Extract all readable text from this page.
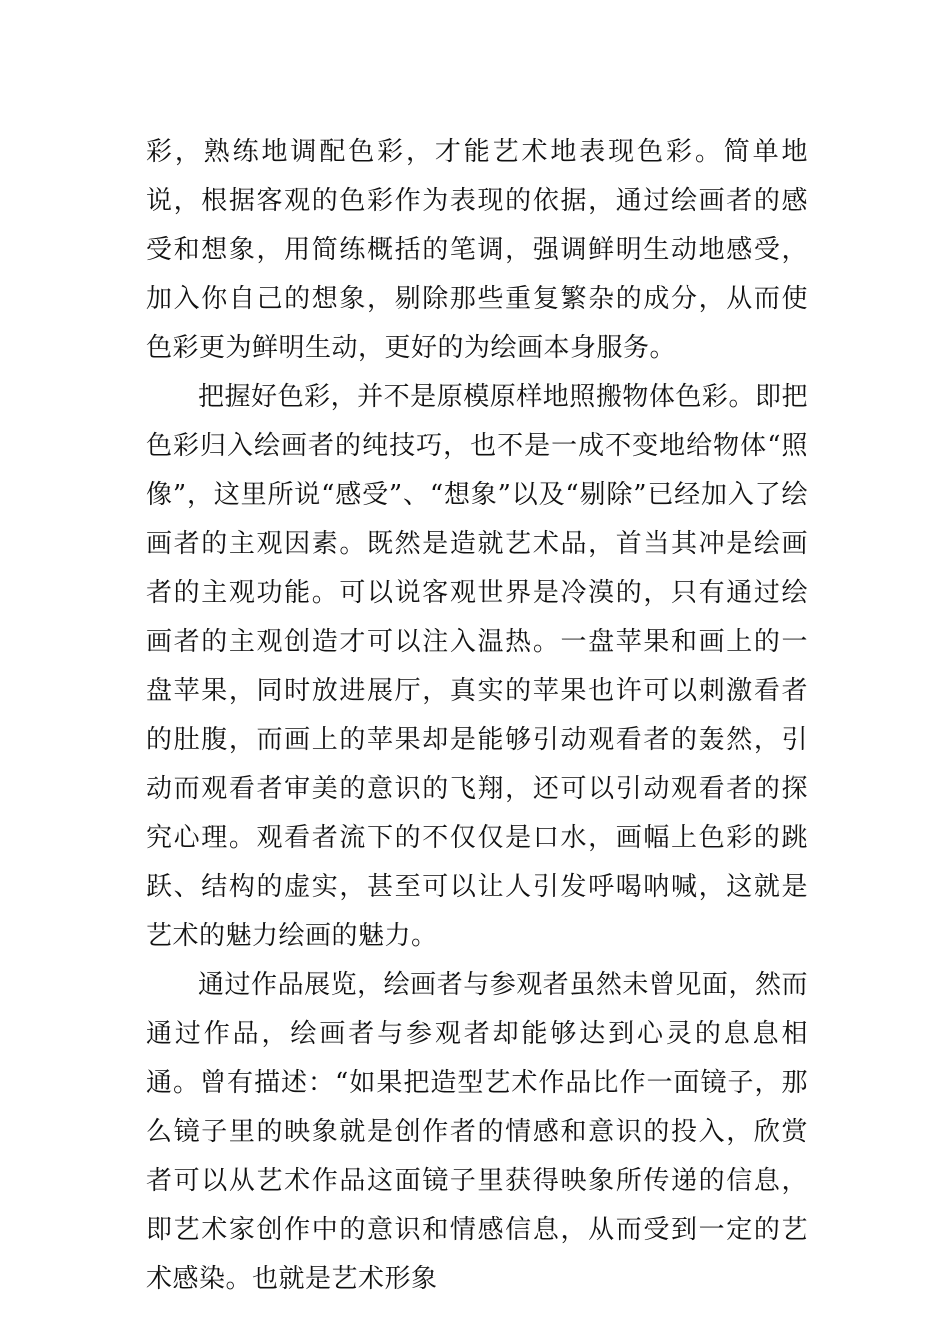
彩，熟练地调配色彩，才能艺术地表现色彩。简单地说，根据客观的色彩作为表现的依据，通过绘画者的感受和想象，用简练概括的笔调，强调鲜明生动地感受，加入你自己的想象，剔除那些重复繁杂的成分，从而使色彩更为鲜明生动，更好的为绘画本身服务。

把握好色彩，并不是原模原样地照搬物体色彩。即把色彩归入绘画者的纯技巧，也不是一成不变地给物体“照像”，这里所说“感受”、“想象”以及“剔除”已经加入了绘画者的主观因素。既然是造就艺术品，首当其冲是绘画者的主观功能。可以说客观世界是冷漠的，只有通过绘画者的主观创造才可以注入温热。一盘苹果和画上的一盘苹果，同时放进展厅，真实的苹果也许可以刺激看者的肚腹，而画上的苹果却是能够引动观看者的轰然，引动而观看者审美的意识的飞翔，还可以引动观看者的探究心理。观看者流下的不仅仅是口水，画幅上色彩的跳跃、结构的虚实，甚至可以让人引发呼喝呐喊，这就是艺术的魅力绘画的魅力。

通过作品展览，绘画者与参观者虽然未曾见面，然而通过作品，绘画者与参观者却能够达到心灵的息息相通。曾有描述：“如果把造型艺术作品比作一面镜子，那么镜子里的映象就是创作者的情感和意识的投入，欣赏者可以从艺术作品这面镜子里获得映象所传递的信息，即艺术家创作中的意识和情感信息，从而受到一定的艺术感染。也就是艺术形象
